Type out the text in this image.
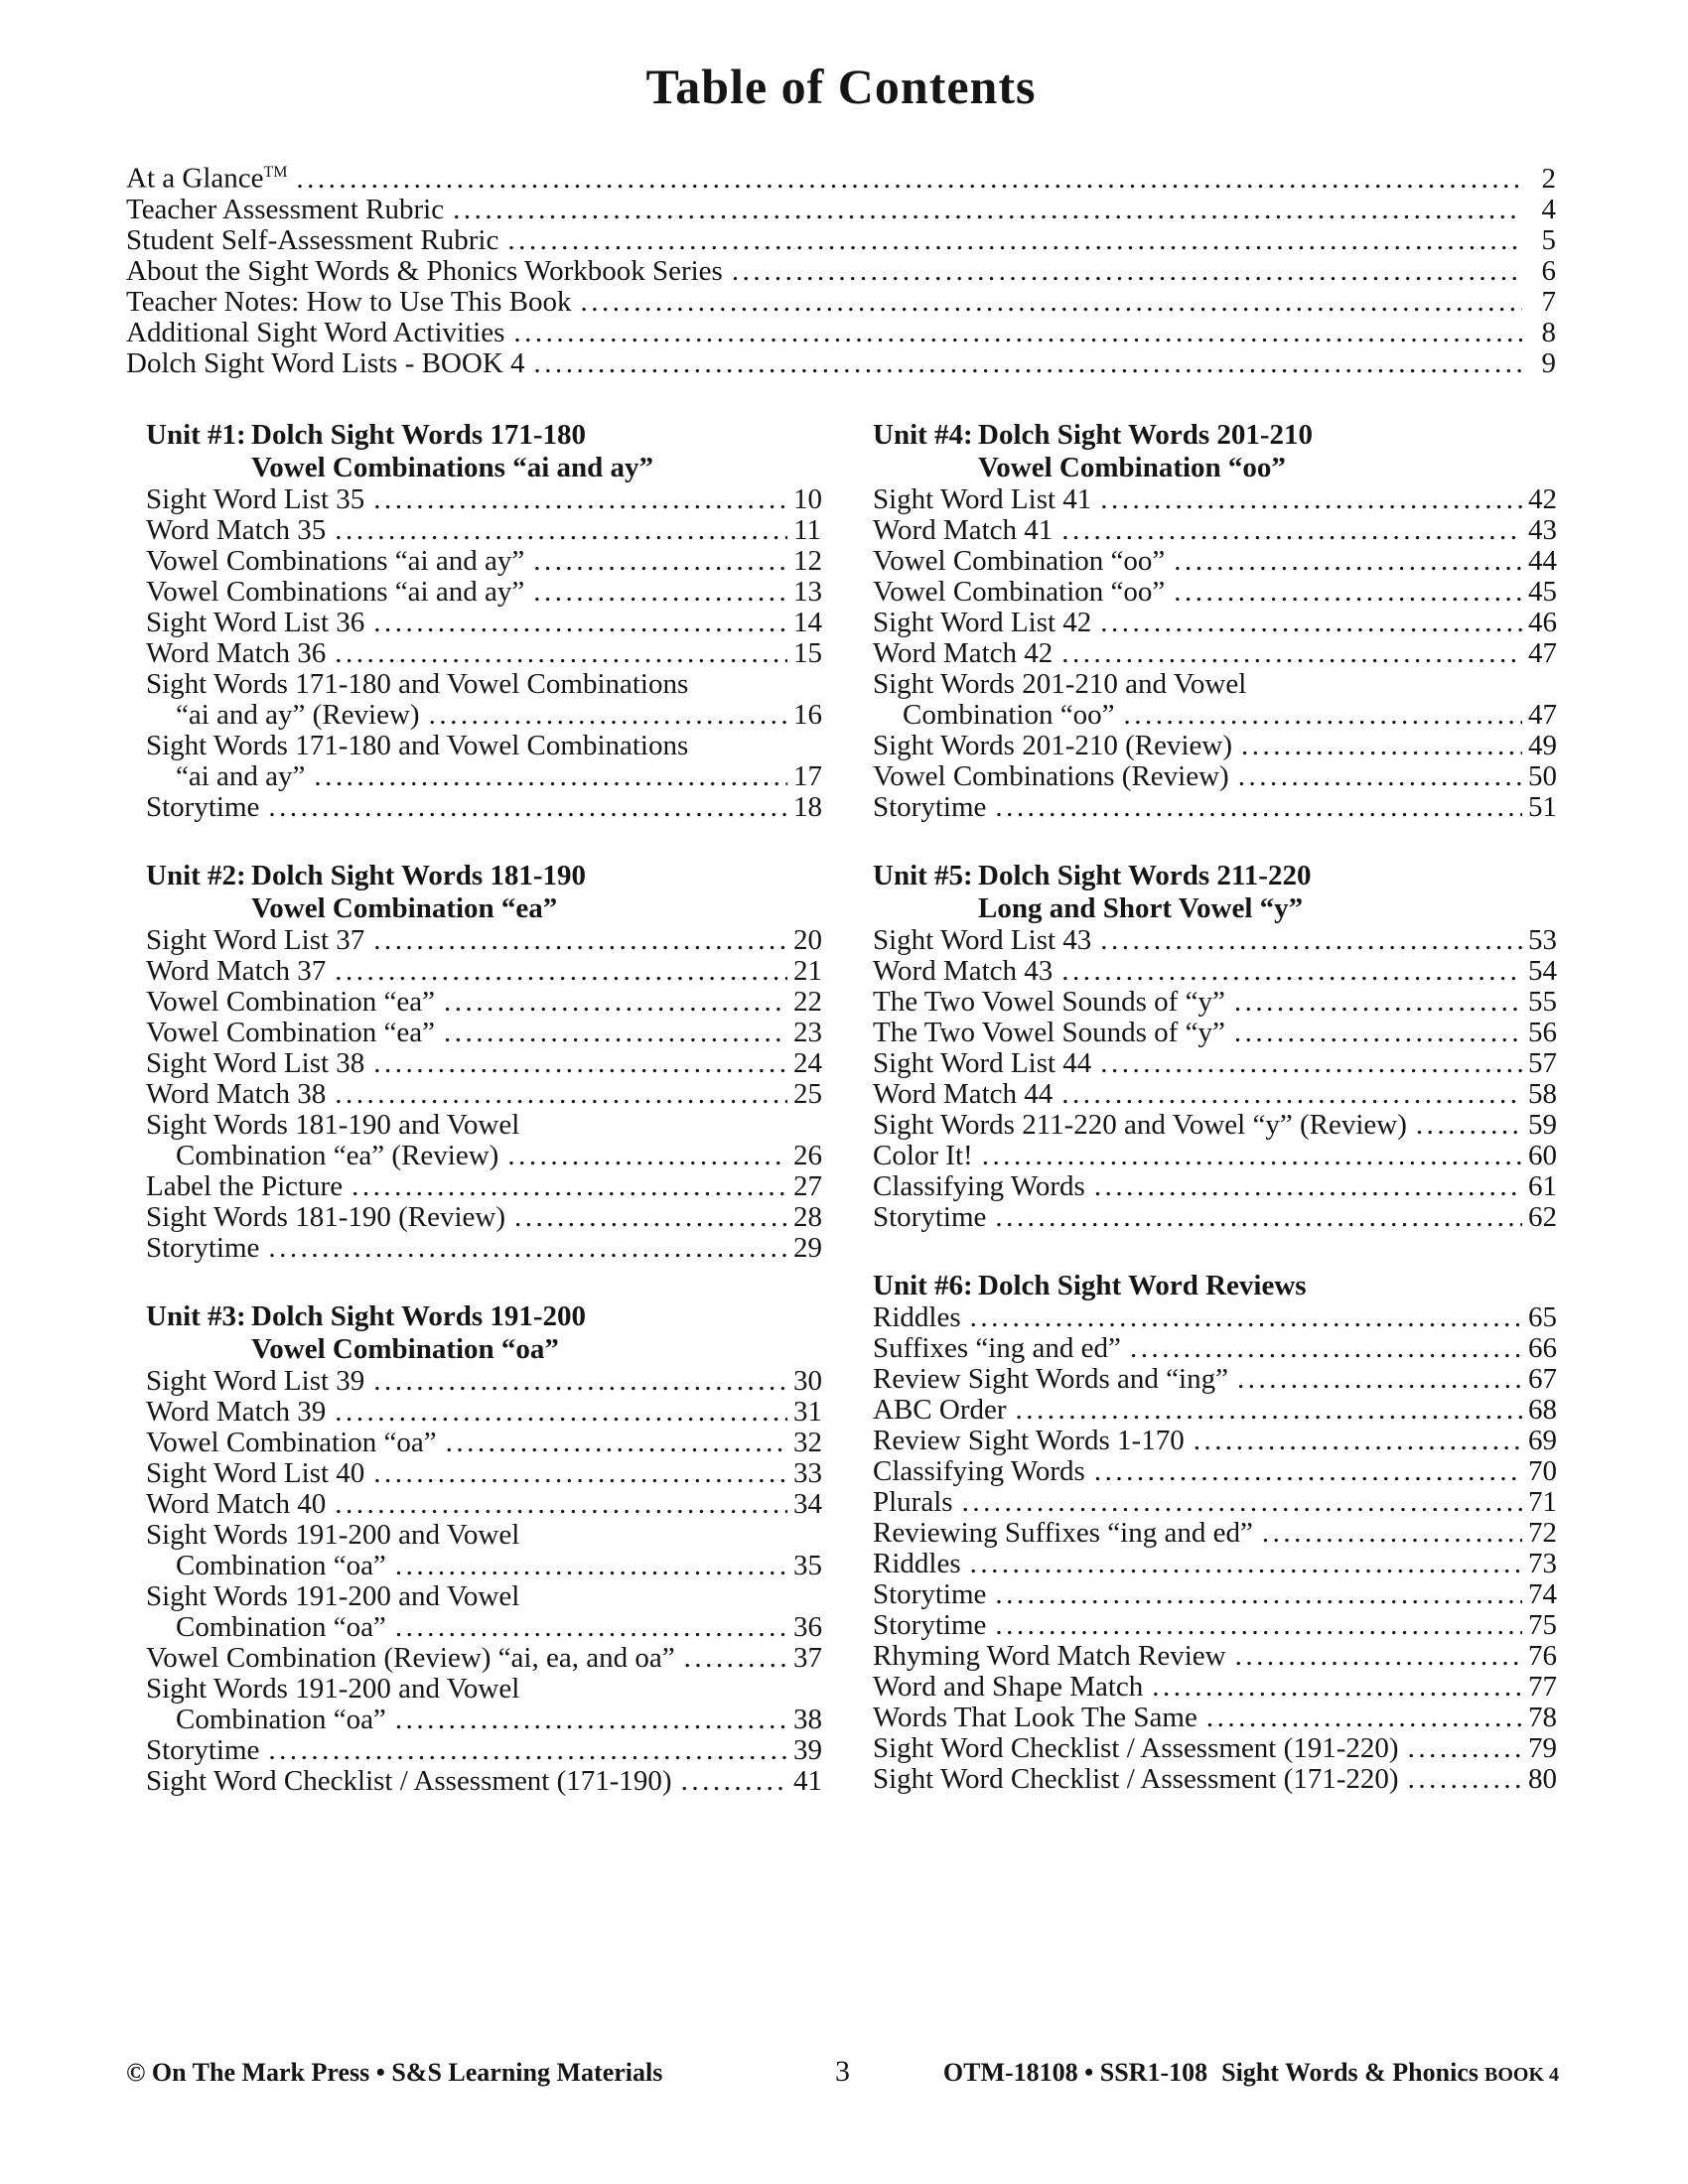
Table of Contents
At a Glance™ .....	2
Teacher Assessment Rubric .....	4
Student Self-Assessment Rubric .....	5
About the Sight Words & Phonics Workbook Series .....	6
Teacher Notes: How to Use This Book .....	7
Additional Sight Word Activities .....	8
Dolch Sight Word Lists - BOOK 4 .....	9
Unit #1: Dolch Sight Words 171-180
Vowel Combinations “ai and ay”
Sight Word List 35 .....	10
Word Match 35 .....	11
Vowel Combinations “ai and ay” .....	12
Vowel Combinations “ai and ay” .....	13
Sight Word List 36 .....	14
Word Match 36 .....	15
Sight Words 171-180 and Vowel Combinations
“ai and ay” (Review) .....	16
Sight Words 171-180 and Vowel Combinations
“ai and ay” .....	17
Storytime .....	18
Unit #2: Dolch Sight Words 181-190
Vowel Combination “ea”
Sight Word List 37 .....	20
Word Match 37 .....	21
Vowel Combination “ea” .....	22
Vowel Combination “ea” .....	23
Sight Word List 38 .....	24
Word Match 38 .....	25
Sight Words 181-190 and Vowel
Combination “ea” (Review) .....	26
Label the Picture .....	27
Sight Words 181-190 (Review) .....	28
Storytime .....	29
Unit #3: Dolch Sight Words 191-200
Vowel Combination “oa”
Sight Word List 39 .....	30
Word Match 39 .....	31
Vowel Combination “oa” .....	32
Sight Word List 40 .....	33
Word Match 40 .....	34
Sight Words 191-200 and Vowel
Combination “oa” .....	35
Sight Words 191-200 and Vowel
Combination “oa” .....	36
Vowel Combination (Review) “ai, ea, and oa” .....	37
Sight Words 191-200 and Vowel
Combination “oa” .....	38
Storytime .....	39
Sight Word Checklist / Assessment (171-190) .....	41
Unit #4: Dolch Sight Words 201-210
Vowel Combination “oo”
Sight Word List 41 .....	42
Word Match 41 .....	43
Vowel Combination “oo” .....	44
Vowel Combination “oo” .....	45
Sight Word List 42 .....	46
Word Match 42 .....	47
Sight Words 201-210 and Vowel
Combination “oo” .....	47
Sight Words 201-210 (Review) .....	49
Vowel Combinations (Review) .....	50
Storytime .....	51
Unit #5: Dolch Sight Words 211-220
Long and Short Vowel “y”
Sight Word List 43 .....	53
Word Match 43 .....	54
The Two Vowel Sounds of “y” .....	55
The Two Vowel Sounds of “y” .....	56
Sight Word List 44 .....	57
Word Match 44 .....	58
Sight Words 211-220 and Vowel “y” (Review) .....	59
Color It! .....	60
Classifying Words .....	61
Storytime .....	62
Unit #6: Dolch Sight Word Reviews
Riddles .....	65
Suffixes “ing and ed” .....	66
Review Sight Words and “ing” .....	67
ABC Order .....	68
Review Sight Words 1-170 .....	69
Classifying Words .....	70
Plurals .....	71
Reviewing Suffixes “ing and ed” .....	72
Riddles .....	73
Storytime .....	74
Storytime .....	75
Rhyming Word Match Review .....	76
Word and Shape Match .....	77
Words That Look The Same .....	78
Sight Word Checklist / Assessment (191-220) .....	79
Sight Word Checklist / Assessment (171-220) .....	80
© On The Mark Press • S&S Learning Materials	3	OTM-18108 • SSR1-108 Sight Words & Phonics BOOK 4
